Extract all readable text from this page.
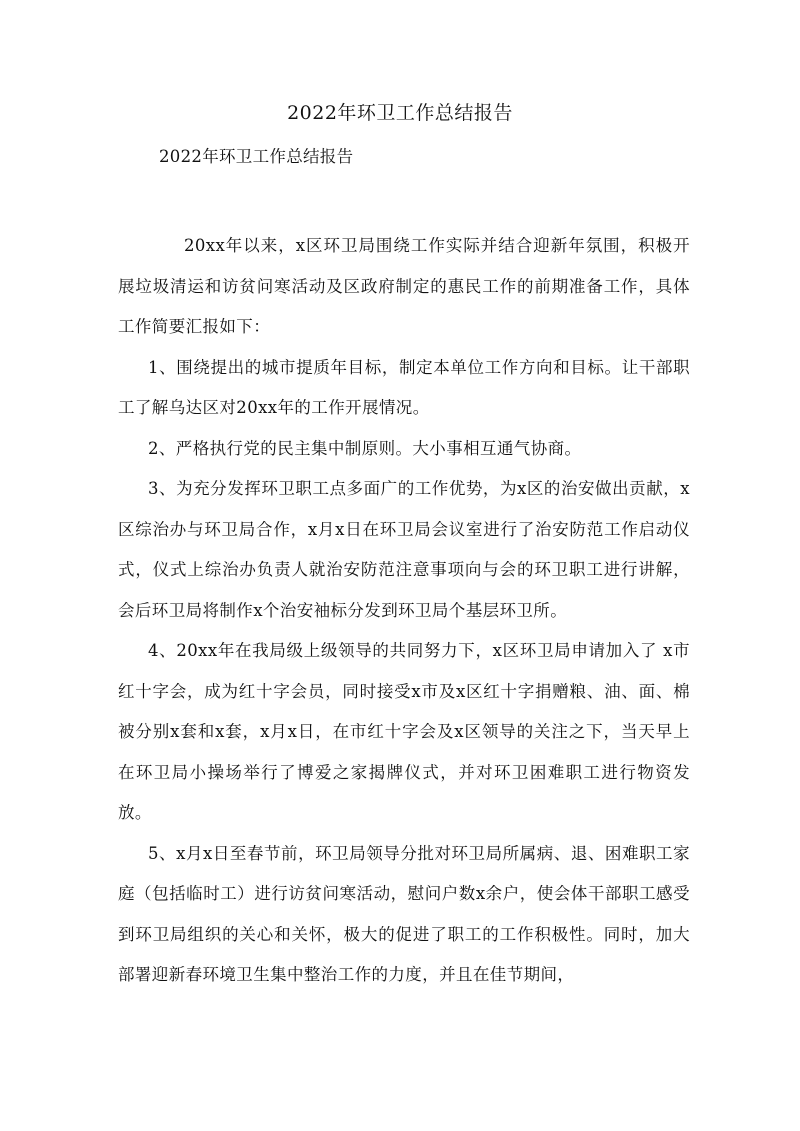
2022年环卫工作总结报告
2022年环卫工作总结报告

20xx年以来，x区环卫局围绕工作实际并结合迎新年氛围，积极开展垃圾清运和访贫问寒活动及区政府制定的惠民工作的前期准备工作，具体工作简要汇报如下：

1、围绕提出的城市提质年目标，制定本单位工作方向和目标。让干部职工了解乌达区对20xx年的工作开展情况。

2、严格执行党的民主集中制原则。大小事相互通气协商。

3、为充分发挥环卫职工点多面广的工作优势，为x区的治安做出贡献，x区综治办与环卫局合作，x月x日在环卫局会议室进行了治安防范工作启动仪式，仪式上综治办负责人就治安防范注意事项向与会的环卫职工进行讲解，会后环卫局将制作x个治安袖标分发到环卫局个基层环卫所。

4、20xx年在我局级上级领导的共同努力下，x区环卫局申请加入了 x市红十字会，成为红十字会员，同时接受x市及x区红十字捐赠粮、油、面、棉被分别x套和x套，x月x日，在市红十字会及x区领导的关注之下，当天早上在环卫局小操场举行了博爱之家揭牌仪式，并对环卫困难职工进行物资发放。

5、x月x日至春节前，环卫局领导分批对环卫局所属病、退、困难职工家庭（包括临时工）进行访贫问寒活动，慰问户数x余户，使会体干部职工感受到环卫局组织的关心和关怀，极大的促进了职工的工作积极性。同时，加大部署迎新春环境卫生集中整治工作的力度，并且在佳节期间，
